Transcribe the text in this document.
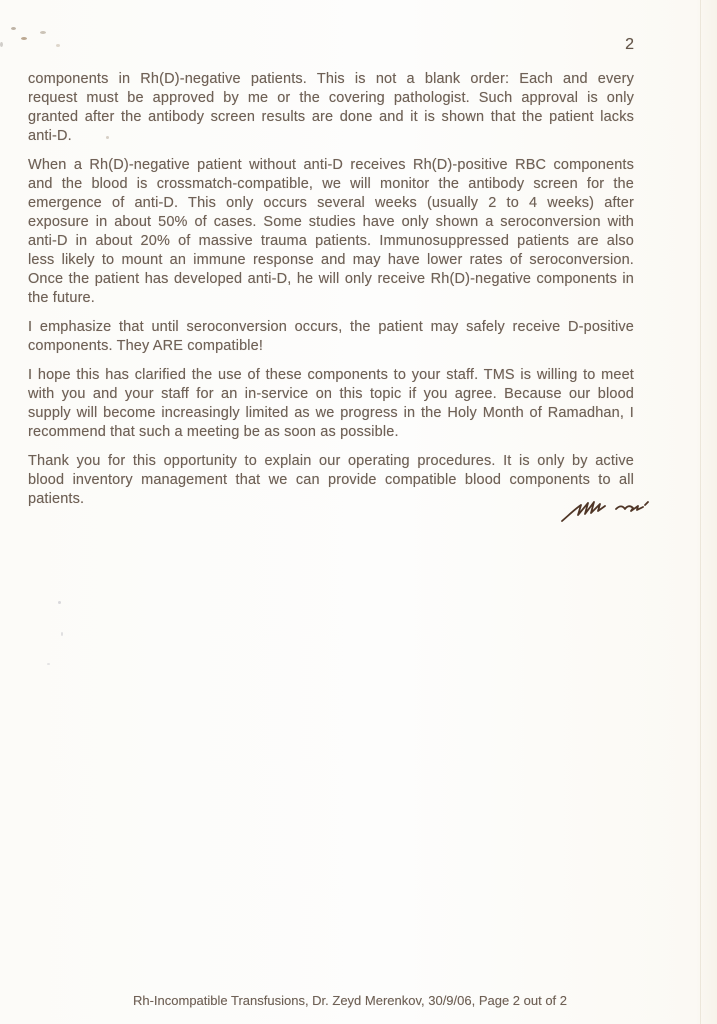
2
components in Rh(D)-negative patients. This is not a blank order: Each and every
request must be approved by me or the covering pathologist. Such approval is only
granted after the antibody screen results are done and it is shown that the patient lacks
anti-D.
When a Rh(D)-negative patient without anti-D receives Rh(D)-positive RBC components
and the blood is crossmatch-compatible, we will monitor the antibody screen for the
emergence of anti-D. This only occurs several weeks (usually 2 to 4 weeks) after
exposure in about 50% of cases. Some studies have only shown a seroconversion with
anti-D in about 20% of massive trauma patients. Immunosuppressed patients are also
less likely to mount an immune response and may have lower rates of seroconversion.
Once the patient has developed anti-D, he will only receive Rh(D)-negative components in
the future.
I emphasize that until seroconversion occurs, the patient may safely receive D-positive
components. They ARE compatible!
I hope this has clarified the use of these components to your staff. TMS is willing to meet
with you and your staff for an in-service on this topic if you agree. Because our blood
supply will become increasingly limited as we progress in the Holy Month of Ramadhan, I
recommend that such a meeting be as soon as possible.
Thank you for this opportunity to explain our operating procedures. It is only by active
blood inventory management that we can provide compatible blood components to all
patients.
Rh-Incompatible Transfusions, Dr. Zeyd Merenkov, 30/9/06, Page 2 out of 2
